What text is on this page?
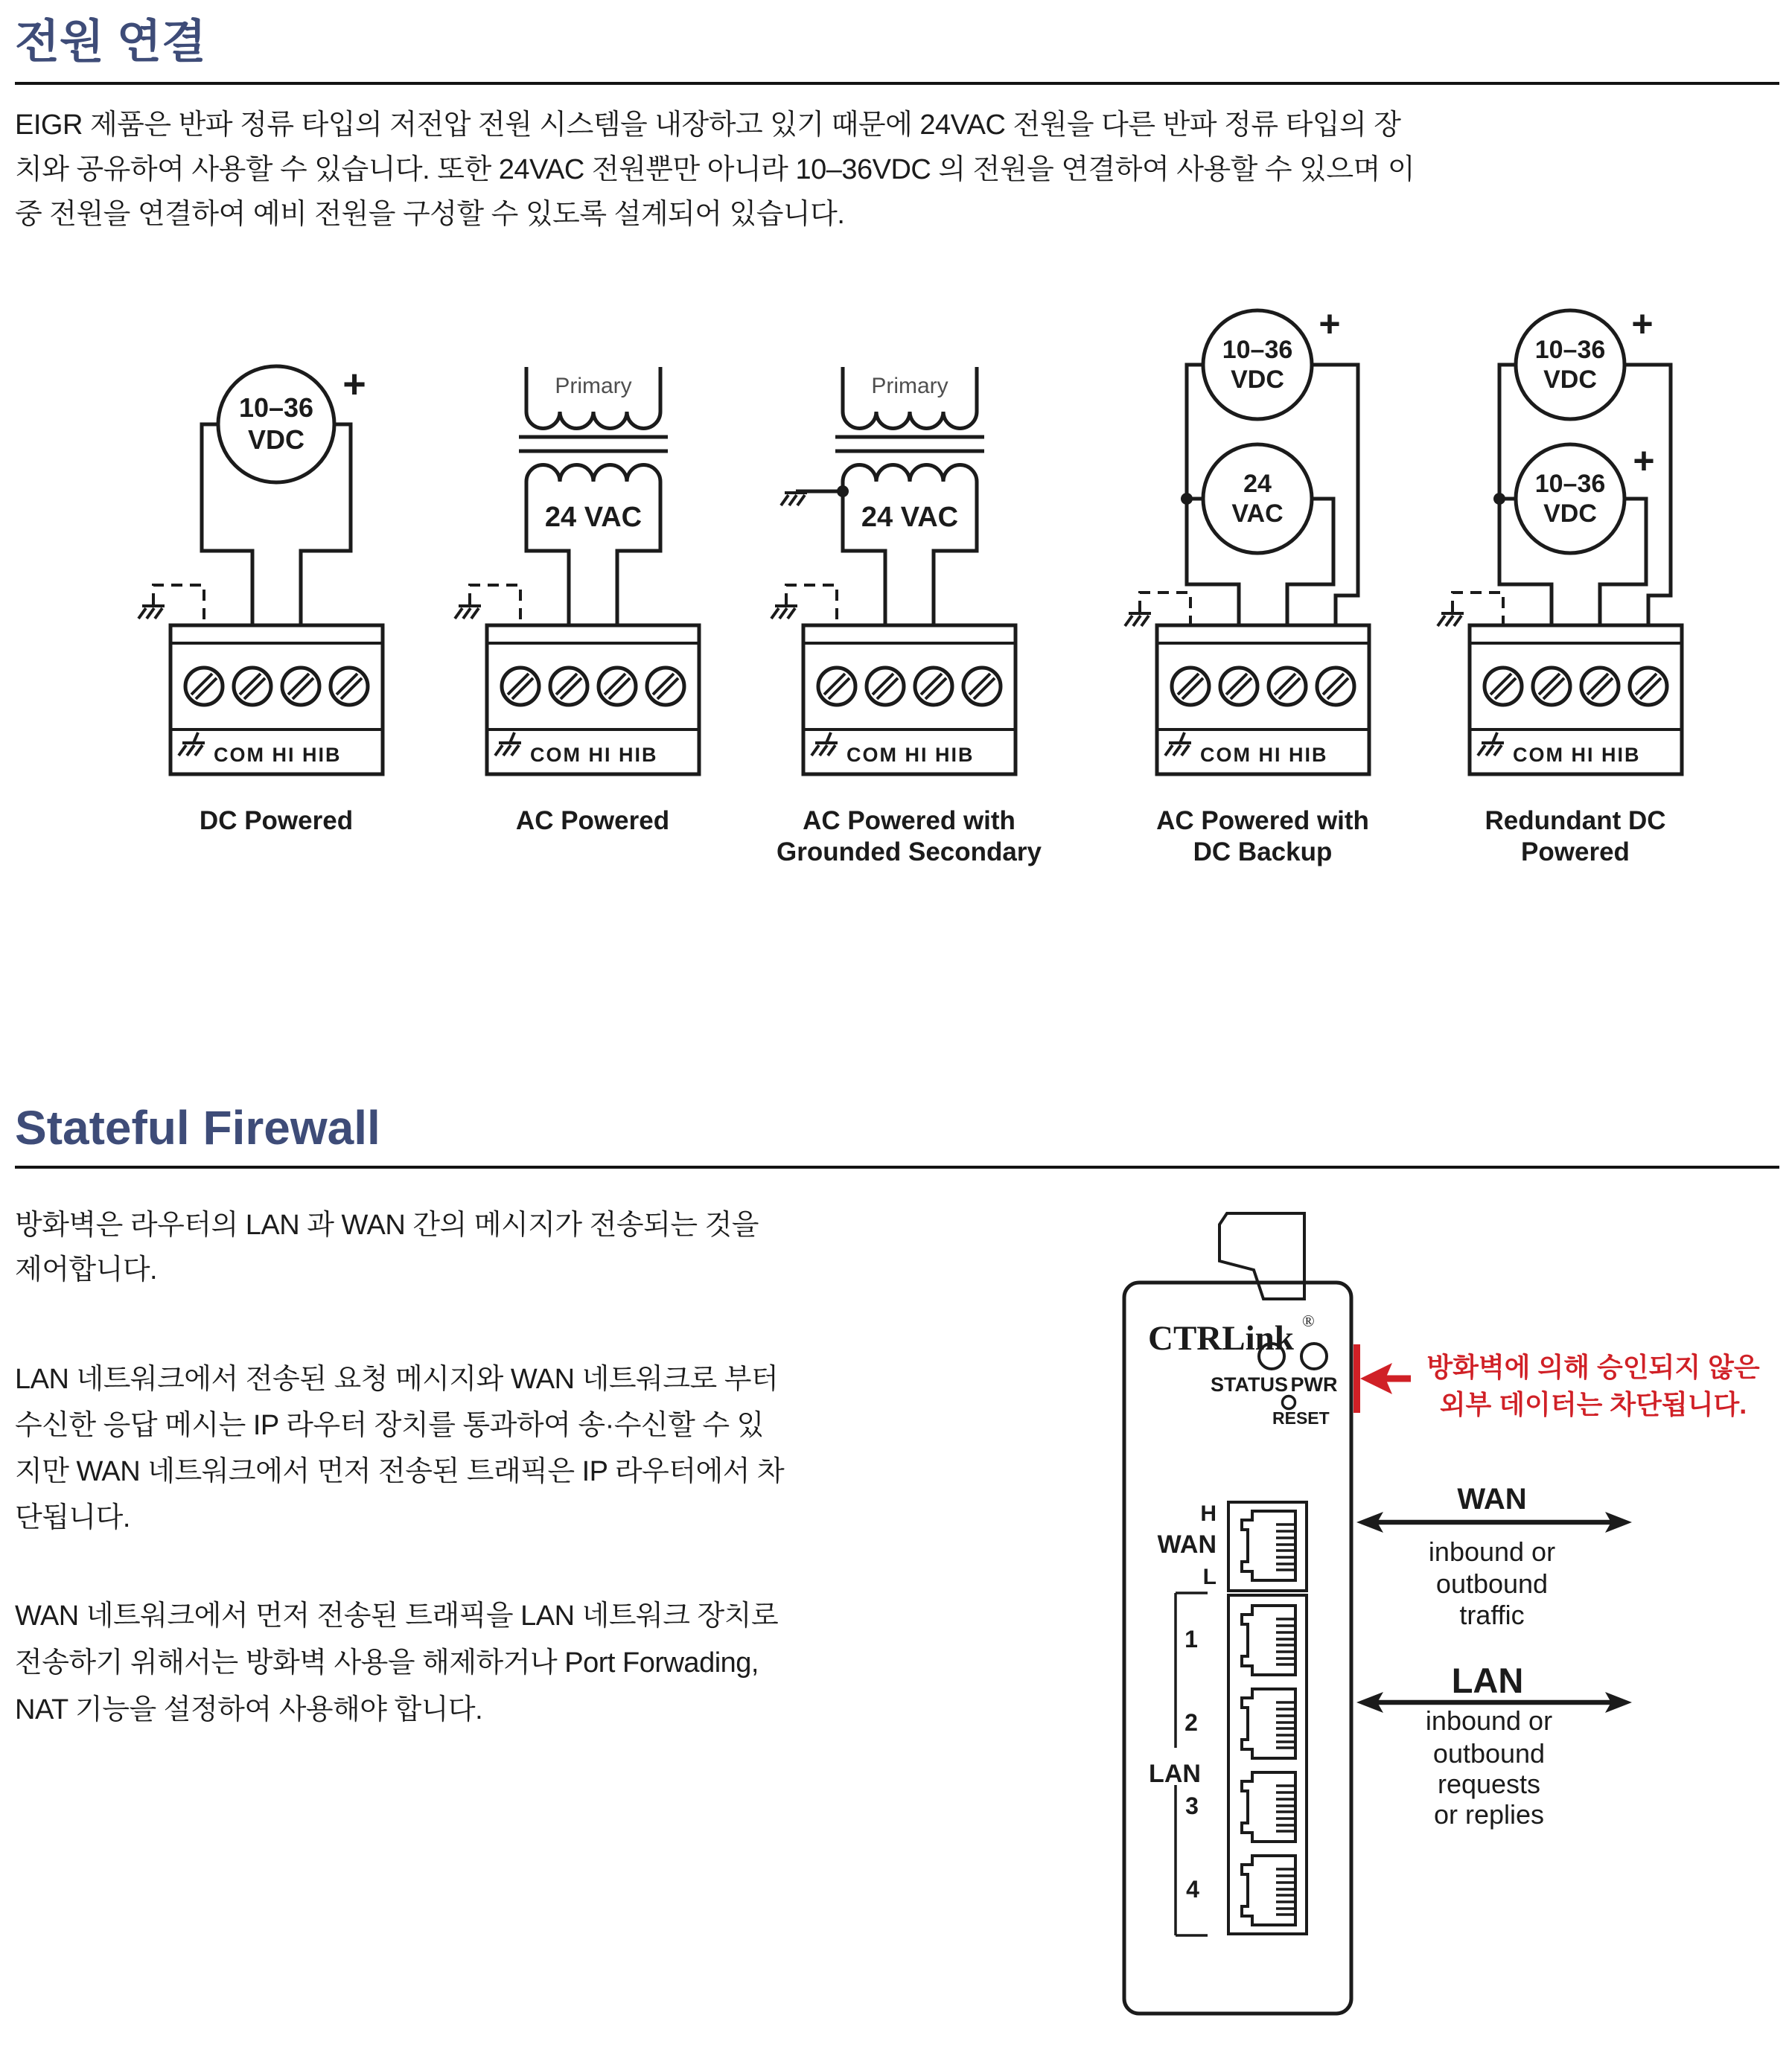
전원 연결
EIGR 제품은 반파 정류 타입의 저전압 전원 시스템을 내장하고 있기 때문에 24VAC 전원을 다른 반파 정류 타입의 장
치와 공유하여 사용할 수 있습니다. 또한 24VAC 전원뿐만 아니라 10–36VDC 의 전원을 연결하여 사용할 수 있으며 이
중 전원을 연결하여 예비 전원을 구성할 수 있도록 설계되어 있습니다.
10–36
VDC
+
COM HI HIB
DC Powered
Primary
24 VAC
COM HI HIB
AC Powered
Primary
24 VAC
COM HI HIB
AC Powered with
Grounded Secondary
10–36
VDC
+
24
VAC
COM HI HIB
AC Powered with
DC Backup
10–36
VDC
+
10–36
VDC
+
COM HI HIB
Redundant DC
Powered
Stateful Firewall
방화벽은 라우터의 LAN 과 WAN 간의 메시지가 전송되는 것을
제어합니다.
LAN 네트워크에서 전송된 요청 메시지와 WAN 네트워크로 부터
수신한 응답 메시는 IP 라우터 장치를 통과하여 송·수신할 수 있
지만 WAN 네트워크에서 먼저 전송된 트래픽은 IP 라우터에서 차
단됩니다.
WAN 네트워크에서 먼저 전송된 트래픽을 LAN 네트워크 장치로
전송하기 위해서는 방화벽 사용을 해제하거나 Port Forwading,
NAT 기능을 설정하여 사용해야 합니다.
CTRLink ®
STATUS PWR
RESET
방화벽에 의해 승인되지 않은
외부 데이터는 차단됩니다.
H
WAN
L
LAN
1
2
3
4
WAN
inbound or
outbound
traffic
LAN
inbound or
outbound
requests
or replies
